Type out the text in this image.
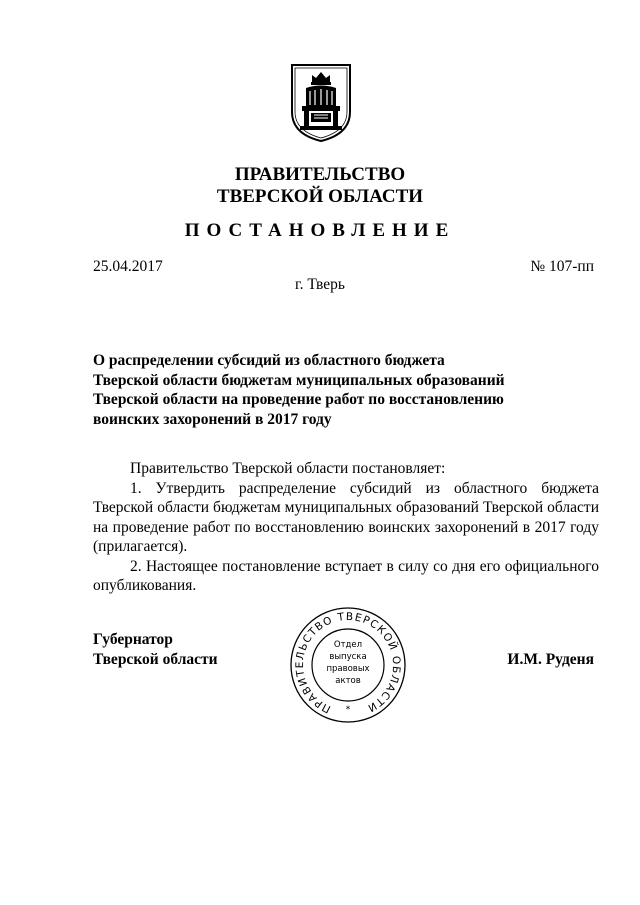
ПРАВИТЕЛЬСТВО
ТВЕРСКОЙ ОБЛАСТИ
ПОСТАНОВЛЕНИЕ
25.04.2017	№ 107-пп
г. Тверь
О распределении субсидий из областного бюджета
Тверской области бюджетам муниципальных образований
Тверской области на проведение работ по восстановлению
воинских захоронений в 2017 году

Правительство Тверской области постановляет:

1. Утвердить распределение субсидий из областного бюджета Тверской области бюджетам муниципальных образований Тверской области на проведение работ по восстановлению воинских захоронений в 2017 году (прилагается).

2. Настоящее постановление вступает в силу со дня его официального опубликования.

Губернатор
Тверской области	И.М. Руденя
ПРАВИТЕЛЬСТВО ТВЕРСКОЙ ОБЛАСТИ
Отдел
выпуска
правовых
актов
*
